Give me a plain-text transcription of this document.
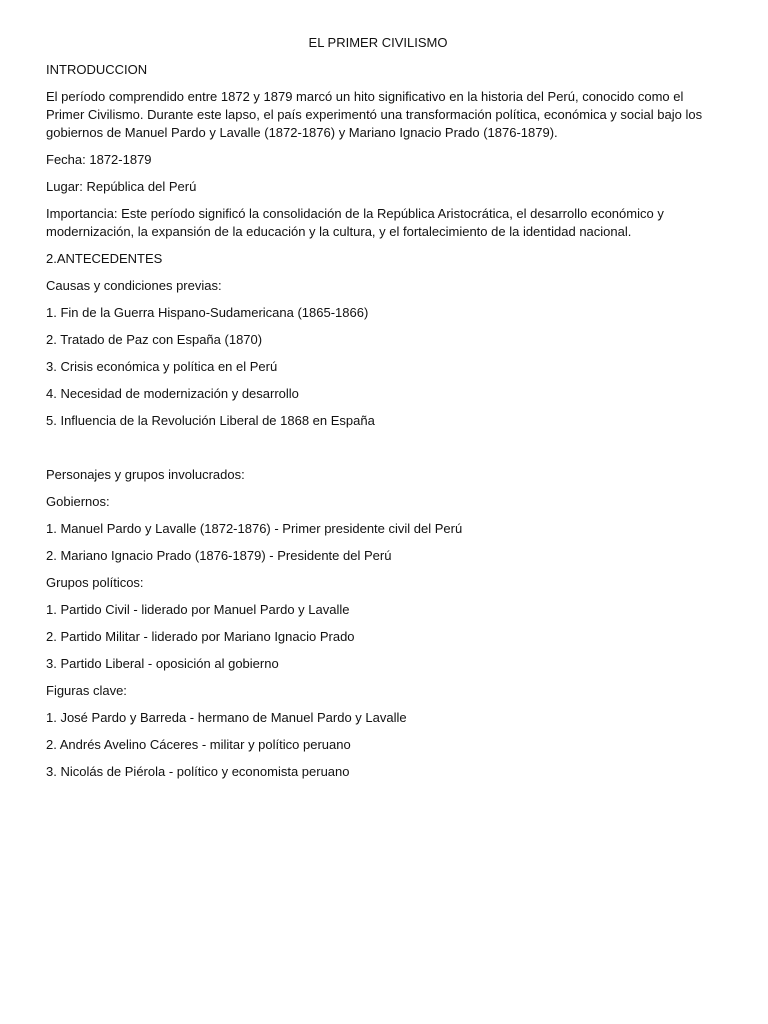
EL PRIMER CIVILISMO

INTRODUCCION

El período comprendido entre 1872 y 1879 marcó un hito significativo en la historia del Perú, conocido como el Primer Civilismo. Durante este lapso, el país experimentó una transformación política, económica y social bajo los gobiernos de Manuel Pardo y Lavalle (1872-1876) y Mariano Ignacio Prado (1876-1879).

Fecha: 1872-1879

Lugar: República del Perú

Importancia: Este período significó la consolidación de la República Aristocrática, el desarrollo económico y modernización, la expansión de la educación y la cultura, y el fortalecimiento de la identidad nacional.

2.ANTECEDENTES

Causas y condiciones previas:

1. Fin de la Guerra Hispano-Sudamericana (1865-1866)

2. Tratado de Paz con España (1870)

3. Crisis económica y política en el Perú

4. Necesidad de modernización y desarrollo

5. Influencia de la Revolución Liberal de 1868 en España

Personajes y grupos involucrados:

Gobiernos:

1. Manuel Pardo y Lavalle (1872-1876) - Primer presidente civil del Perú

2. Mariano Ignacio Prado (1876-1879) - Presidente del Perú

Grupos políticos:

1. Partido Civil - liderado por Manuel Pardo y Lavalle

2. Partido Militar - liderado por Mariano Ignacio Prado

3. Partido Liberal - oposición al gobierno

Figuras clave:

1. José Pardo y Barreda - hermano de Manuel Pardo y Lavalle

2. Andrés Avelino Cáceres - militar y político peruano

3. Nicolás de Piérola - político y economista peruano
